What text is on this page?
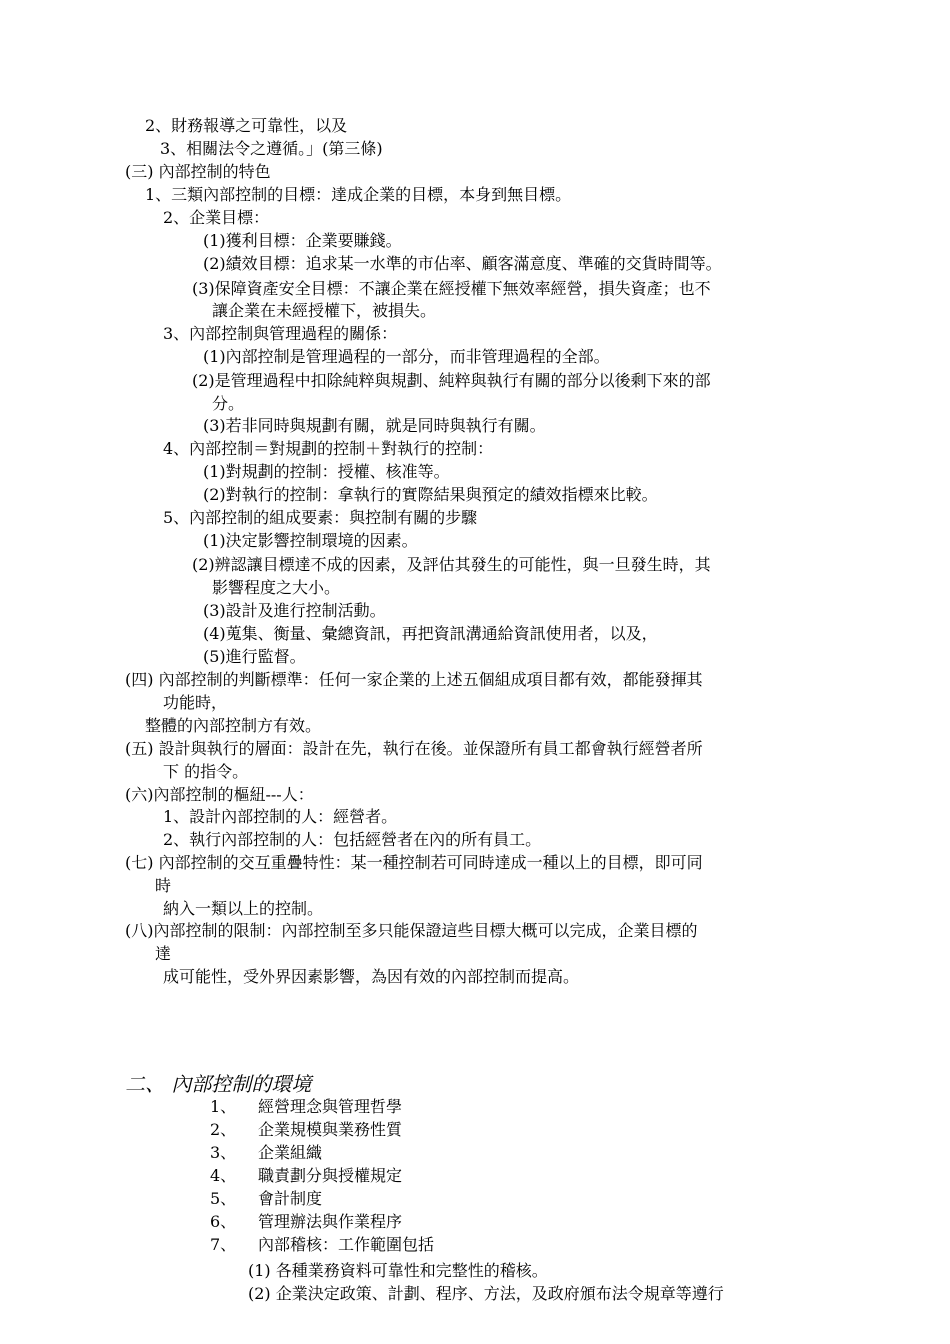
2、財務報導之可靠性，以及
3、相關法令之遵循。」(第三條)
(三) 內部控制的特色
1、三類內部控制的目標：達成企業的目標，本身到無目標。
2、企業目標：
(1)獲利目標：企業要賺錢。
(2)績效目標：追求某一水準的市佔率、顧客滿意度、準確的交貨時間等。
(3)保障資產安全目標：不讓企業在經授權下無效率經營，損失資產；也不
讓企業在未經授權下，被損失。
3、內部控制與管理過程的關係：
(1)內部控制是管理過程的一部分，而非管理過程的全部。
(2)是管理過程中扣除純粹與規劃、純粹與執行有關的部分以後剩下來的部
分。
(3)若非同時與規劃有關，就是同時與執行有關。
4、內部控制＝對規劃的控制＋對執行的控制：
(1)對規劃的控制：授權、核准等。
(2)對執行的控制：拿執行的實際結果與預定的績效指標來比較。
5、內部控制的組成要素：與控制有關的步驟
(1)決定影響控制環境的因素。
(2)辨認讓目標達不成的因素，及評估其發生的可能性，與一旦發生時，其
影響程度之大小。
(3)設計及進行控制活動。
(4)蒐集、衡量、彙總資訊，再把資訊溝通給資訊使用者，以及，
(5)進行監督。
(四) 內部控制的判斷標準：任何一家企業的上述五個組成項目都有效，都能發揮其
功能時，
整體的內部控制方有效。
(五) 設計與執行的層面：設計在先，執行在後。並保證所有員工都會執行經營者所
下 的指令。
(六)內部控制的樞紐---人：
1、設計內部控制的人：經營者。
2、執行內部控制的人：包括經營者在內的所有員工。
(七) 內部控制的交互重疊特性：某一種控制若可同時達成一種以上的目標，即可同
時
納入一類以上的控制。
(八)內部控制的限制：內部控制至多只能保證這些目標大概可以完成，企業目標的
達
成可能性，受外界因素影響，為因有效的內部控制而提高。
二、 內部控制的環境
1、 經營理念與管理哲學
2、 企業規模與業務性質
3、 企業組織
4、 職責劃分與授權規定
5、 會計制度
6、 管理辦法與作業程序
7、 內部稽核：工作範圍包括
(1) 各種業務資料可靠性和完整性的稽核。
(2) 企業決定政策、計劃、程序、方法，及政府頒布法令規章等遵行
